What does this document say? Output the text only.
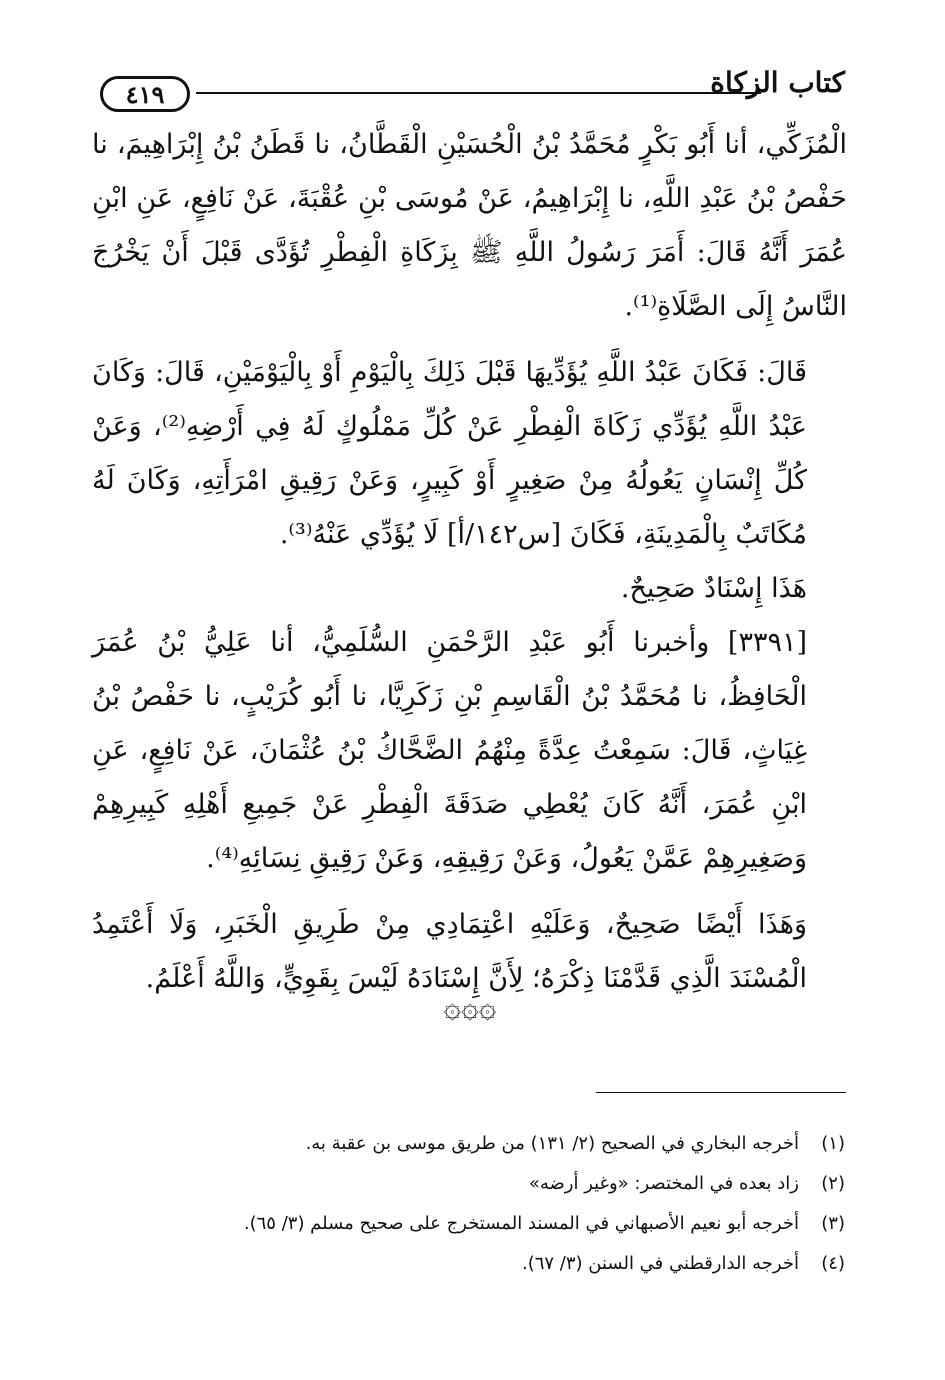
٤١٩	كتاب الزكاة

الْمُزَكِّي، أنا أَبُو بَكْرٍ مُحَمَّدُ بْنُ الْحُسَيْنِ الْقَطَّانُ، نا قَطَنُ بْنُ إِبْرَاهِيمَ، نا حَفْصُ بْنُ عَبْدِ اللَّهِ، نا إِبْرَاهِيمُ، عَنْ مُوسَى بْنِ عُقْبَةَ، عَنْ نَافِعٍ، عَنِ ابْنِ عُمَرَ أَنَّهُ قَالَ: أَمَرَ رَسُولُ اللَّهِ ﷺ بِزَكَاةِ الْفِطْرِ تُؤَدَّى قَبْلَ أَنْ يَخْرُجَ النَّاسُ إِلَى الصَّلَاةِ⁽¹⁾.

قَالَ: فَكَانَ عَبْدُ اللَّهِ يُؤَدِّيهَا قَبْلَ ذَلِكَ بِالْيَوْمِ أَوْ بِالْيَوْمَيْنِ، قَالَ: وَكَانَ عَبْدُ اللَّهِ يُؤَدِّي زَكَاةَ الْفِطْرِ عَنْ كُلِّ مَمْلُوكٍ لَهُ فِي أَرْضِهِ⁽²⁾، وَعَنْ كُلِّ إِنْسَانٍ يَعُولُهُ مِنْ صَغِيرٍ أَوْ كَبِيرٍ، وَعَنْ رَقِيقِ امْرَأَتِهِ، وَكَانَ لَهُ مُكَاتَبٌ بِالْمَدِينَةِ، فَكَانَ [س١٤٢/أ] لَا يُؤَدِّي عَنْهُ⁽³⁾.

هَذَا إِسْنَادٌ صَحِيحٌ.

[٣٣٩١] وأخبرنا أَبُو عَبْدِ الرَّحْمَنِ السُّلَمِيُّ، أنا عَلِيُّ بْنُ عُمَرَ الْحَافِظُ، نا مُحَمَّدُ بْنُ الْقَاسِمِ بْنِ زَكَرِيَّا، نا أَبُو كُرَيْبٍ، نا حَفْصُ بْنُ غِيَاثٍ، قَالَ: سَمِعْتُ عِدَّةً مِنْهُمُ الضَّحَّاكُ بْنُ عُثْمَانَ، عَنْ نَافِعٍ، عَنِ ابْنِ عُمَرَ، أَنَّهُ كَانَ يُعْطِي صَدَقَةَ الْفِطْرِ عَنْ جَمِيعِ أَهْلِهِ كَبِيرِهِمْ وَصَغِيرِهِمْ عَمَّنْ يَعُولُ، وَعَنْ رَقِيقِهِ، وَعَنْ رَقِيقِ نِسَائِهِ⁽⁴⁾.

وَهَذَا أَيْضًا صَحِيحٌ، وَعَلَيْهِ اعْتِمَادِي مِنْ طَرِيقِ الْخَبَرِ، وَلَا أَعْتَمِدُ الْمُسْنَدَ الَّذِي قَدَّمْنَا ذِكْرَهُ؛ لِأَنَّ إِسْنَادَهُ لَيْسَ بِقَوِيٍّ، وَاللَّهُ أَعْلَمُ.

۞۞۞
(١)
أخرجه البخاري في الصحيح (٢/ ١٣١) من طريق موسى بن عقبة به.
(٢)
زاد بعده في المختصر: «وغير أرضه»
(٣)
أخرجه أبو نعيم الأصبهاني في المسند المستخرج على صحيح مسلم (٣/ ٦٥).
(٤)
أخرجه الدارقطني في السنن (٣/ ٦٧).
